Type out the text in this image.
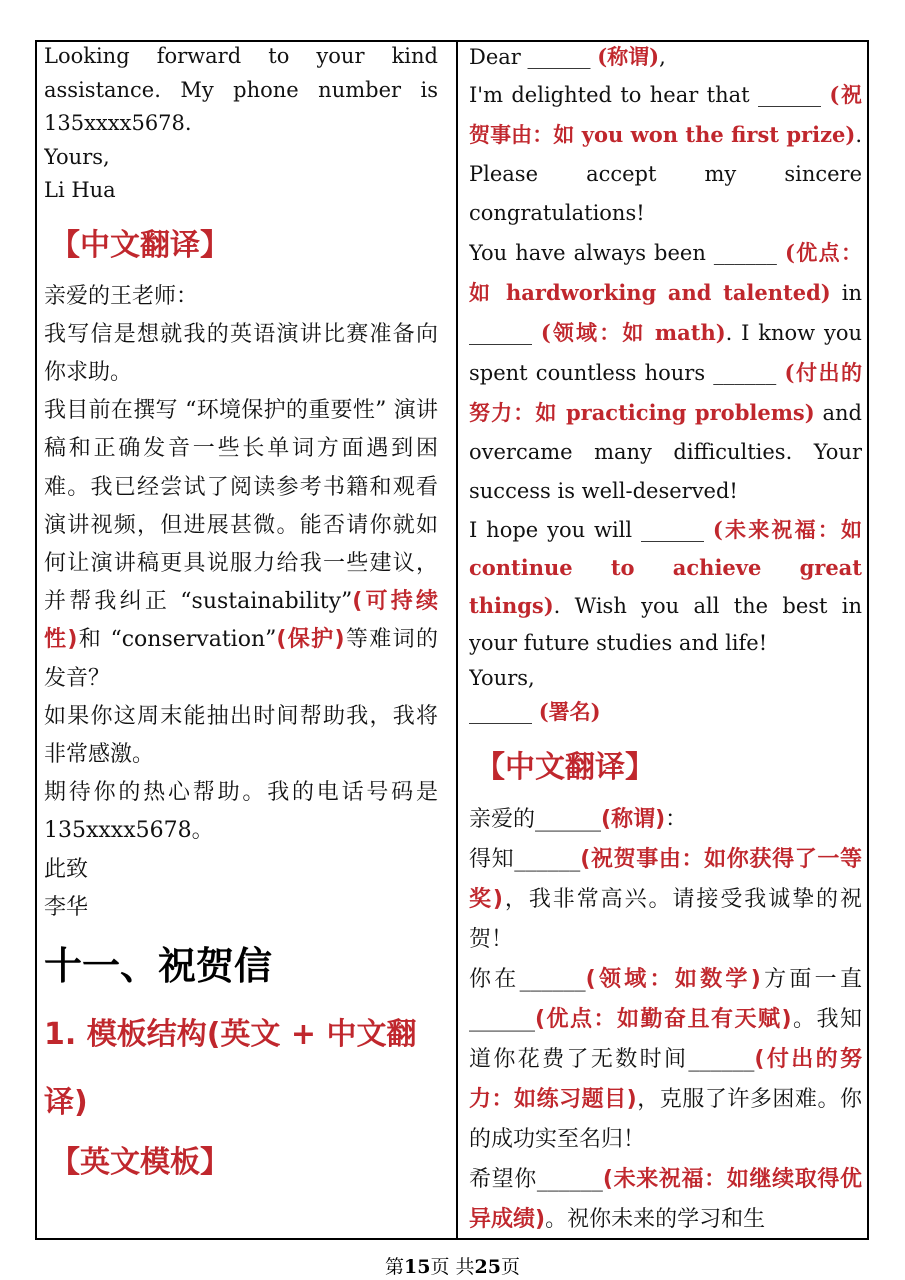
Looking forward to your kind assistance. My phone number is 135xxxx5678.

Yours,

Li Hua

【中文翻译】

亲爱的王老师：

我写信是想就我的英语演讲比赛准备向你求助。

我目前在撰写 “环境保护的重要性” 演讲稿和正确发音一些长单词方面遇到困难。我已经尝试了阅读参考书籍和观看演讲视频，但进展甚微。能否请你就如何让演讲稿更具说服力给我一些建议，并帮我纠正 “sustainability”(可持续性)和 “conservation”(保护)等难词的发音？

如果你这周末能抽出时间帮助我，我将非常感激。

期待你的热心帮助。我的电话号码是135xxxx5678。

此致

李华

十一、祝贺信
1. 模板结构(英文 + 中文翻译)
【英文模板】

Dear ______ (称谓),

I'm delighted to hear that ______ (祝贺事由：如 you won the first prize). Please accept my sincere congratulations!

You have always been ______ (优点：如 hardworking and talented) in ______ (领域：如 math). I know you spent countless hours ______ (付出的努力：如 practicing problems) and overcame many difficulties. Your success is well-deserved!

I hope you will ______ (未来祝福：如 continue to achieve great things). Wish you all the best in your future studies and life!

Yours,

______ (署名)

【中文翻译】

亲爱的______(称谓)：

得知______(祝贺事由：如你获得了一等奖)，我非常高兴。请接受我诚挚的祝贺！

你在______(领域：如数学)方面一直______(优点：如勤奋且有天赋)。我知道你花费了无数时间______(付出的努力：如练习题目)，克服了许多困难。你的成功实至名归！

希望你______(未来祝福：如继续取得优异成绩)。祝你未来的学习和生

第15页 共25页
